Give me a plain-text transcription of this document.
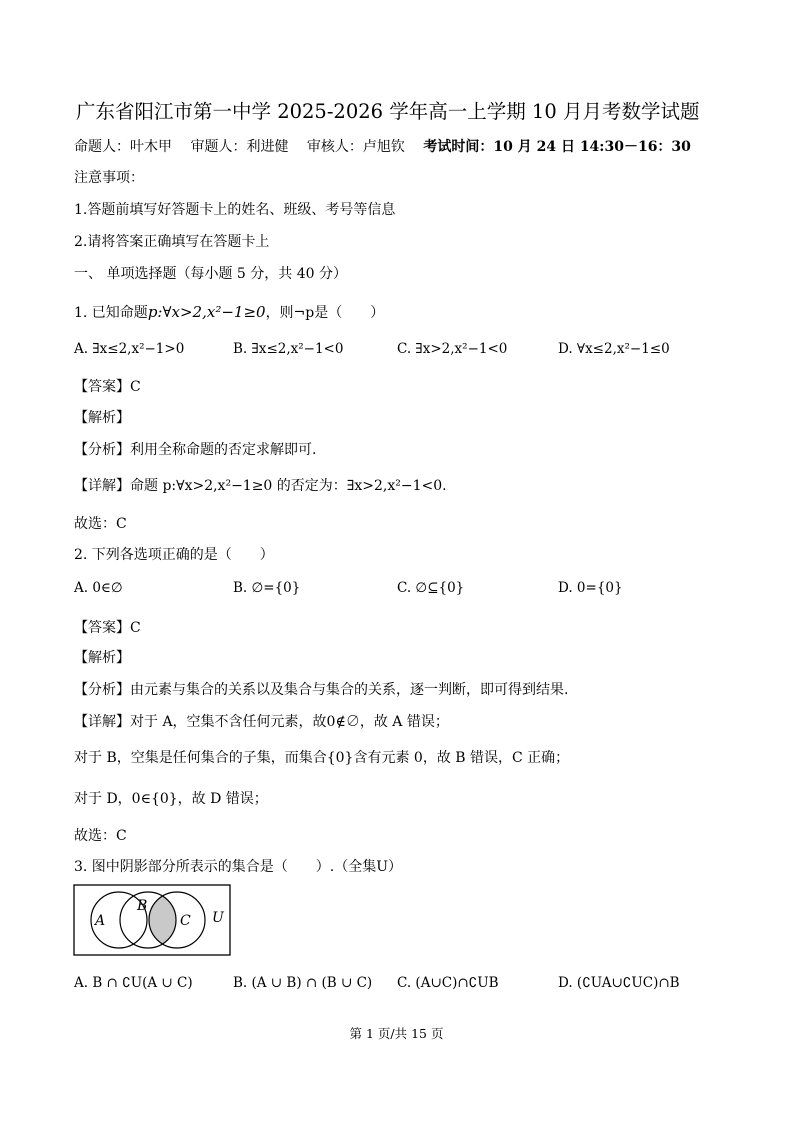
广东省阳江市第一中学 2025-2026 学年高一上学期 10 月月考数学试题
命题人：叶木甲 审题人：利进健 审核人：卢旭钦 考试时间：10 月 24 日 14:30－16：30
注意事项：
1.答题前填写好答题卡上的姓名、班级、考号等信息
2.请将答案正确填写在答题卡上
一、 单项选择题（每小题 5 分，共 40 分）
1. 已知命题p:∀x>2,x²−1≥0，则¬p是（　　）
A. ∃x≤2,x²−1>0	B. ∃x≤2,x²−1<0	C. ∃x>2,x²−1<0	D. ∀x≤2,x²−1≤0
【答案】C
【解析】
【分析】利用全称命题的否定求解即可.
【详解】命题 p:∀x>2,x²−1≥0 的否定为：∃x>2,x²−1<0.
故选：C
2. 下列各选项正确的是（　　）
A. 0∈∅	B. ∅={0}	C. ∅⊆{0}	D. 0={0}
【答案】C
【解析】
【分析】由元素与集合的关系以及集合与集合的关系，逐一判断，即可得到结果.
【详解】对于 A，空集不含任何元素，故0∉∅，故 A 错误；
对于 B，空集是任何集合的子集，而集合{0}含有元素 0，故 B 错误，C 正确；
对于 D，0∈{0}，故 D 错误；
故选：C
3. 图中阴影部分所表示的集合是（　　）.（全集U）
A
B
C U
A. B ∩ ∁U(A ∪ C)	B. (A ∪ B) ∩ (B ∪ C) C. (A∪C)∩∁UB	D. (∁UA∪∁UC)∩B
第 1 页/共 15 页
